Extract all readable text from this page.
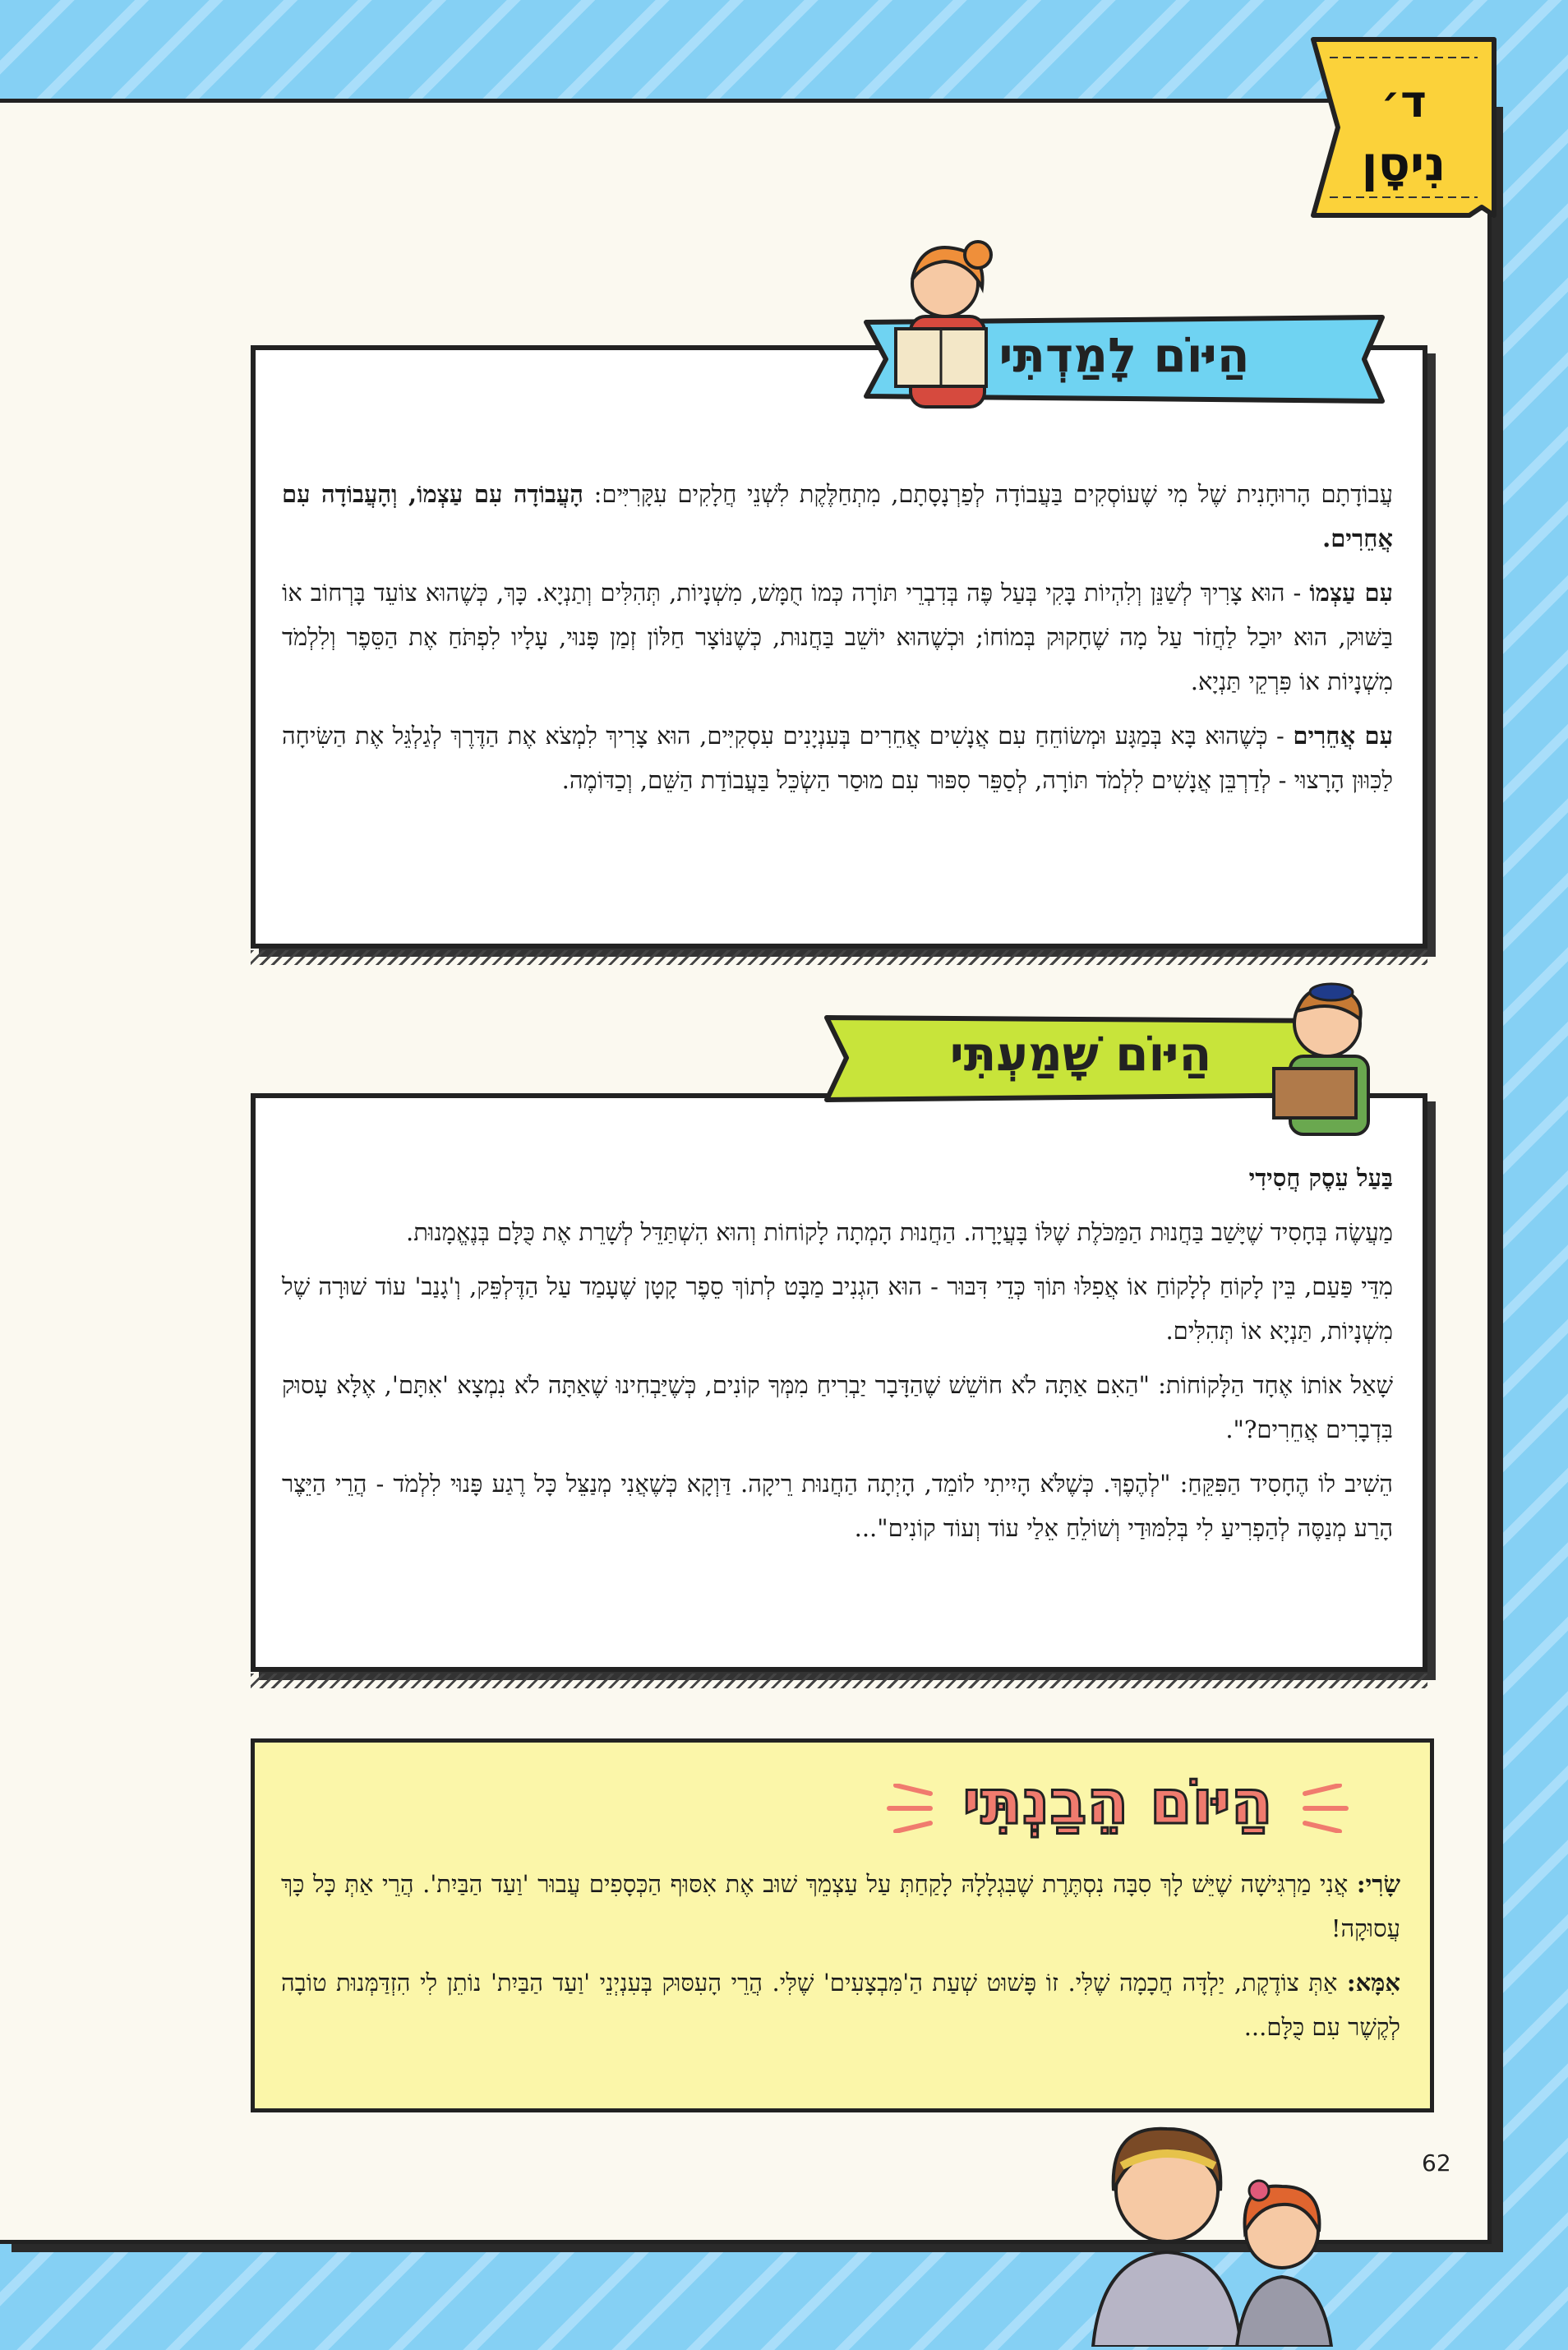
ד׳
נִיסָן

עֲבוֹדָתָם הָרוּחָנִית שֶׁל מִי שֶׁעוֹסְקִים בַּעֲבוֹדָה לְפַרְנָסָתָם, מִתְחַלֶּקֶת לִשְׁנֵי חֲלָקִים עִקָּרִיִּים: הָעֲבוֹדָה עִם עַצְמוֹ, וְהָעֲבוֹדָה עִם אֲחֵרִים.

עִם עַצְמוֹ - הוּא צָרִיךְ לְשַׁנֵּן וְלִהְיוֹת בָּקִי בְּעַל פֶּה בְּדִבְרֵי תּוֹרָה כְּמוֹ חֻמָּשׁ, מִשְׁנָיוֹת, תְּהִלִּים וְתַנְיָא. כָּךְ, כְּשֶׁהוּא צוֹעֵד בָּרְחוֹב אוֹ בַּשּׁוּק, הוּא יוּכַל לַחֲזֹר עַל מָה שֶׁחָקוּק בְּמוֹחוֹ; וּכְשֶׁהוּא יוֹשֵׁב בַּחֲנוּת, כְּשֶׁנּוֹצָר חַלּוֹן זְמַן פָּנוּי, עָלָיו לִפְתֹּחַ אֶת הַסֵּפֶר וְלִלְמֹד מִשְׁנָיוֹת אוֹ פִּרְקֵי תַּנְיָא.

עִם אֲחֵרִים - כְּשֶׁהוּא בָּא בְּמַגָּע וּמְשׂוֹחֵחַ עִם אֲנָשִׁים אֲחֵרִים בְּעִנְיָנִים עִסְקִיִּים, הוּא צָרִיךְ לִמְצֹא אֶת הַדֶּרֶךְ לְגַלְגֵּל אֶת הַשִּׂיחָה לַכִּוּוּן הָרָצוּי - לְדַרְבֵּן אֲנָשִׁים לִלְמֹד תּוֹרָה, לְסַפֵּר סִפּוּר עִם מוּסַר הַשְׂכֵּל בַּעֲבוֹדַת הַשֵּׁם, וְכַדּוֹמֶה.

הַיּוֹם לָמַדְתִּי

בַּעַל עֵסֶק חֲסִידִי

מַעֲשֶׂה בְּחָסִיד שֶׁיָּשַׁב בַּחֲנוּת הַמַּכֹּלֶת שֶׁלּוֹ בָּעֲיָרָה. הַחֲנוּת הָמְתָה לָקוֹחוֹת וְהוּא הִשְׁתַּדֵּל לְשָׁרֵת אֶת כֻּלָּם בְּנֶאֱמָנוּת.

מִדֵּי פַּעַם, בֵּין לָקוֹחַ לְלָקוֹחַ אוֹ אֲפִלּוּ תּוֹךְ כְּדֵי דִּבּוּר - הוּא הִגְנִיב מַבָּט לְתוֹךְ סֵפֶר קָטָן שֶׁעָמַד עַל הַדֶּלְפֵּק, וְ'גָנַב' עוֹד שׁוּרָה שֶׁל מִשְׁנָיוֹת, תַּנְיָא אוֹ תְּהִלִּים.

שָׁאַל אוֹתוֹ אֶחָד הַלָּקוֹחוֹת: "הַאִם אַתָּה לֹא חוֹשֵׁשׁ שֶׁהַדָּבָר יַבְרִיחַ מִמְּךָ קוֹנִים, כְּשֶׁיַּבְחִינוּ שֶׁאַתָּה לֹא נִמְצָא 'אִתָּם', אֶלָּא עָסוּק בִּדְבָרִים אֲחֵרִים?".

הֵשִׁיב לוֹ הֶחָסִיד הַפִּקֵּחַ: "לְהֶפֶךְ. כְּשֶׁלֹּא הָיִיתִי לוֹמֵד, הָיְתָה הַחֲנוּת רֵיקָה. דַּוְקָא כְּשֶׁאֲנִי מְנַצֵּל כָּל רֶגַע פָּנוּי לִלְמֹד - הֲרֵי הַיֵּצֶר הָרַע מְנַסֶּה לְהַפְרִיעַ לִי בְּלִמּוּדַי וְשׁוֹלֵחַ אֵלַי עוֹד וְעוֹד קוֹנִים"...

הַיּוֹם שָׁמַעְתִּי

שָׂרִי: אֲנִי מַרְגִּישָׁה שֶׁיֵּשׁ לָךְ סִבָּה נִסְתֶּרֶת שֶׁבִּגְלָלָהּ לָקַחַתְּ עַל עַצְמֵךְ שׁוּב אֶת אִסּוּף הַכְּסָפִים עֲבוּר 'וַעַד הַבַּיִת'. הֲרֵי אַתְּ כָּל כָּךְ עֲסוּקָה!

אִמָּא: אַתְּ צוֹדֶקֶת, יַלְדָּה חֲכָמָה שֶׁלִּי. זוֹ פָּשׁוּט שְׁעַת הַ'מִּבְצָעִים' שֶׁלִּי. הֲרֵי הָעִסּוּק בְּעִנְיְנֵי 'וַעַד הַבַּיִת' נוֹתֵן לִי הִזְדַּמְּנוּת טוֹבָה לְקֶשֶׁר עִם כֻּלָּם...

הַיּוֹם הֵבַנְתִּי
62
